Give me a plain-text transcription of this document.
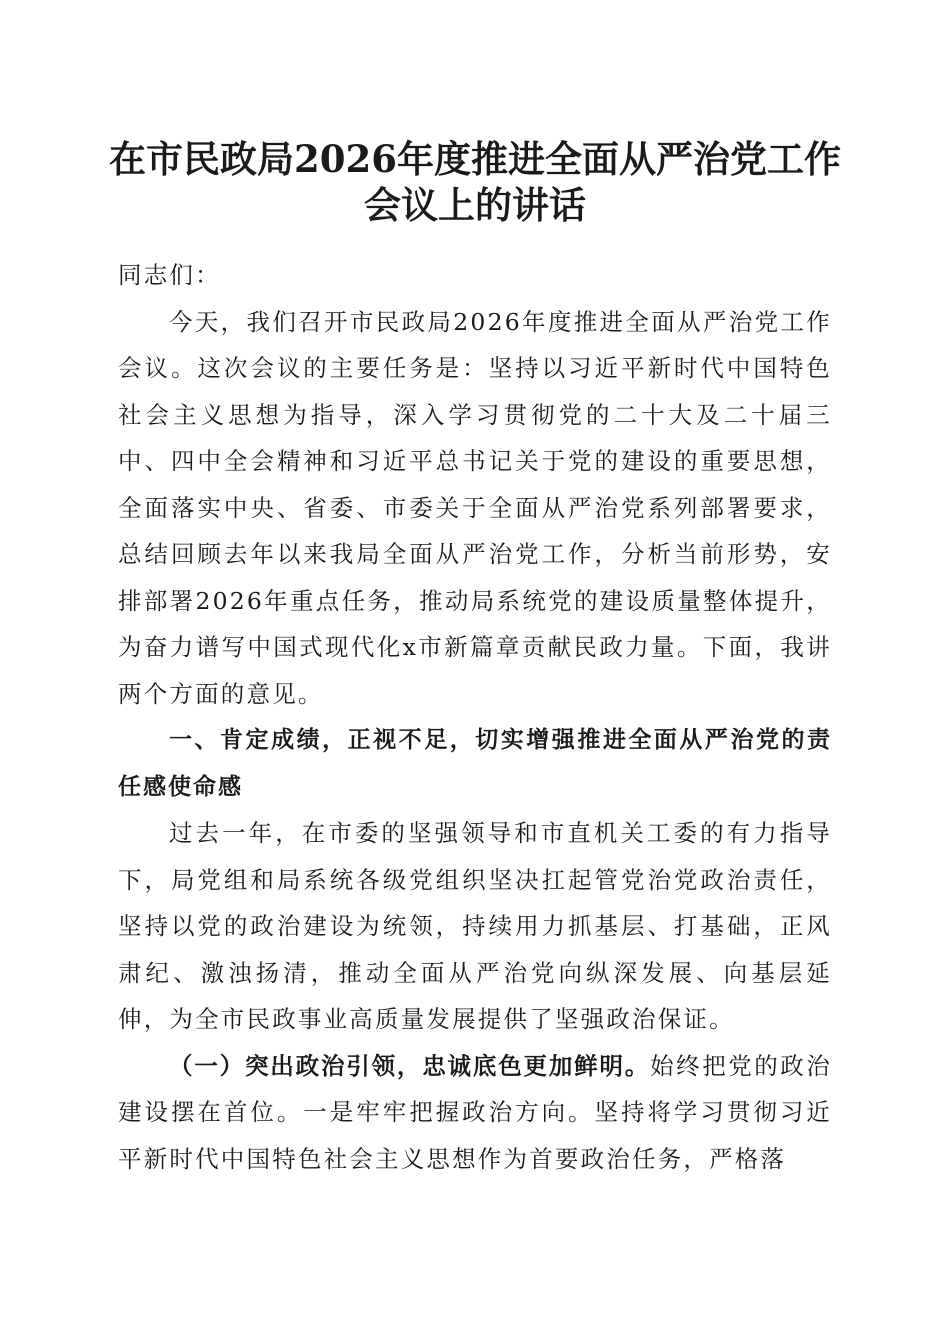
在市民政局2026年度推进全面从严治党工作
会议上的讲话

同志们：

今天，我们召开市民政局2026年度推进全面从严治党工作会议。这次会议的主要任务是：坚持以习近平新时代中国特色社会主义思想为指导，深入学习贯彻党的二十大及二十届三中、四中全会精神和习近平总书记关于党的建设的重要思想，全面落实中央、省委、市委关于全面从严治党系列部署要求，总结回顾去年以来我局全面从严治党工作，分析当前形势，安排部署2026年重点任务，推动局系统党的建设质量整体提升，为奋力谱写中国式现代化x市新篇章贡献民政力量。下面，我讲两个方面的意见。

一、肯定成绩，正视不足，切实增强推进全面从严治党的责任感使命感

过去一年，在市委的坚强领导和市直机关工委的有力指导下，局党组和局系统各级党组织坚决扛起管党治党政治责任，坚持以党的政治建设为统领，持续用力抓基层、打基础，正风肃纪、激浊扬清，推动全面从严治党向纵深发展、向基层延伸，为全市民政事业高质量发展提供了坚强政治保证。

（一）突出政治引领，忠诚底色更加鲜明。始终把党的政治建设摆在首位。一是牢牢把握政治方向。坚持将学习贯彻习近平新时代中国特色社会主义思想作为首要政治任务，严格落
